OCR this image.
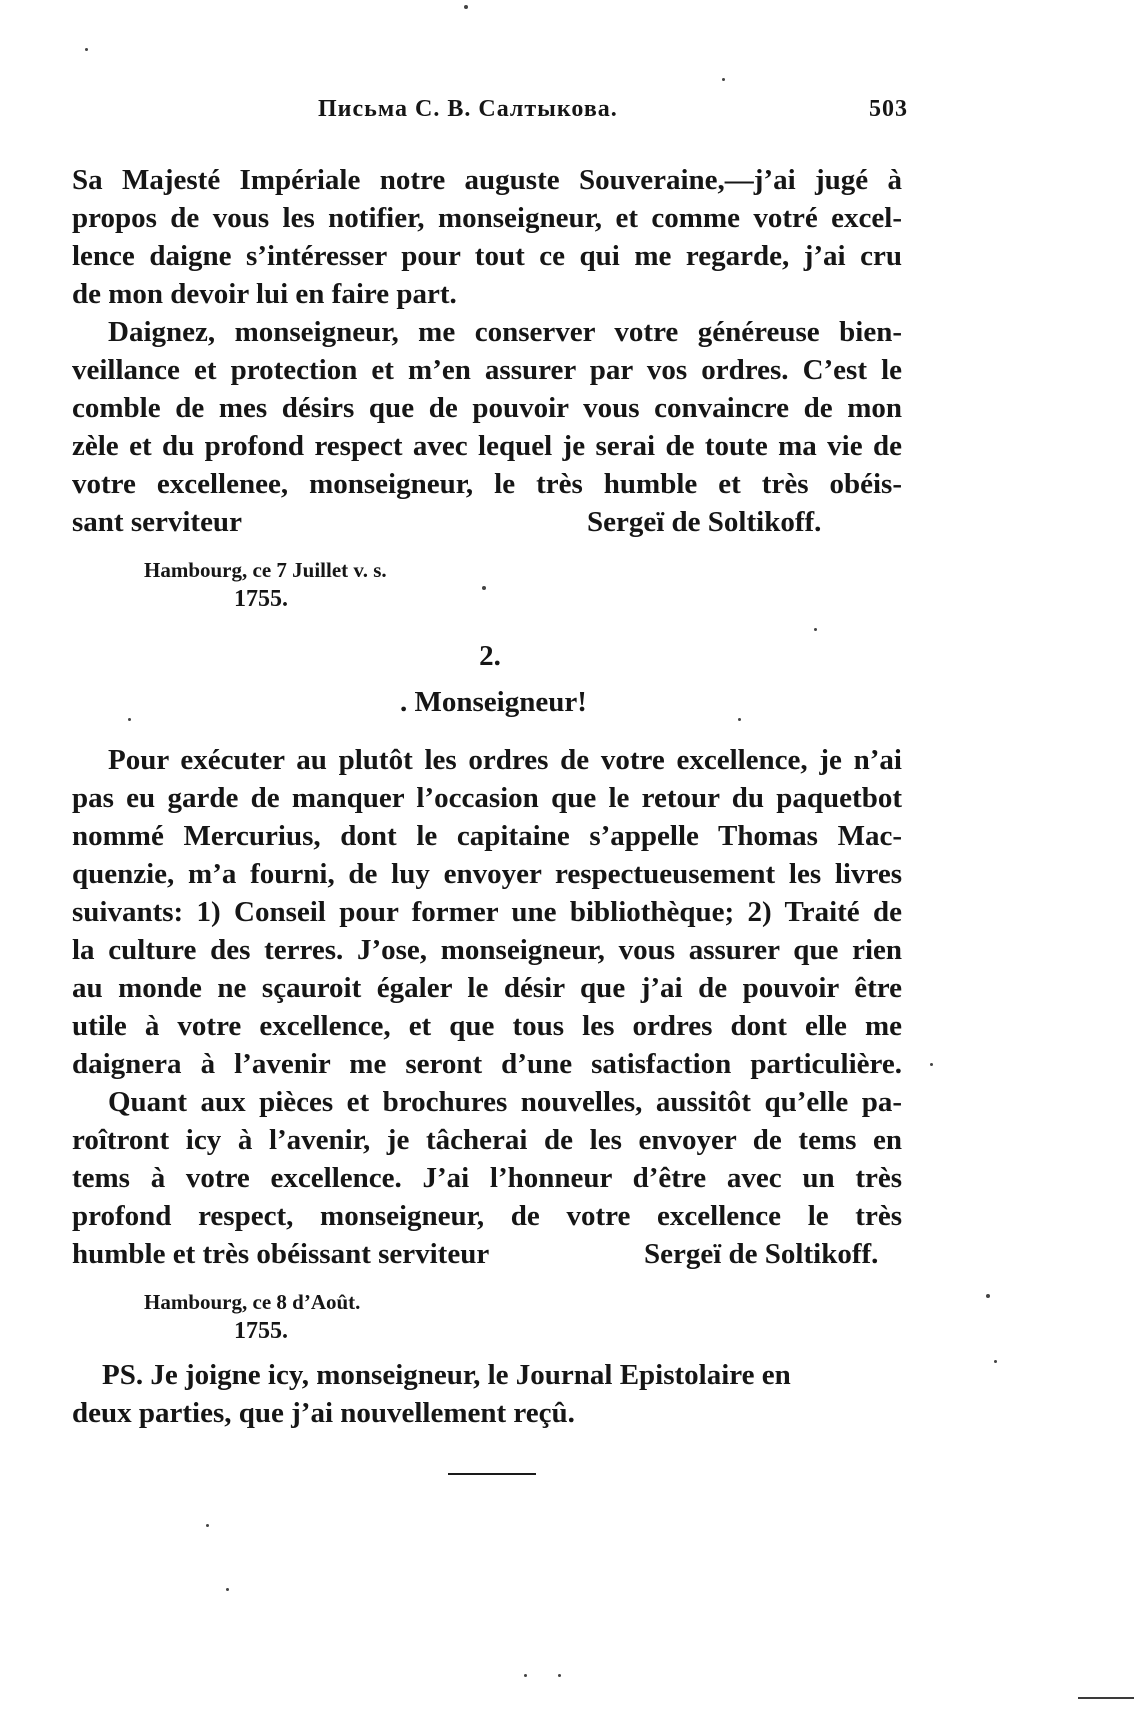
Письма С. В. Салтыкова.	503
Sa Majesté Impériale notre auguste Souveraine,—j’ai jugé à
propos de vous les notifier, monseigneur, et comme votré excel-
lence daigne s’intéresser pour tout ce qui me regarde, j’ai cru
de mon devoir lui en faire part.
Daignez, monseigneur, me conserver votre généreuse bien-
veillance et protection et m’en assurer par vos ordres. C’est le
comble de mes désirs que de pouvoir vous convaincre de mon
zèle et du profond respect avec lequel je serai de toute ma vie de
votre excellenee, monseigneur, le très humble et très obéis-
sant serviteur	Sergeï de Soltikoff.
Hambourg, ce 7 Juillet v. s.
1755.
2.
. Monseigneur!
Pour exécuter au plutôt les ordres de votre excellence, je n’ai
pas eu garde de manquer l’occasion que le retour du paquetbot
nommé Mercurius, dont le capitaine s’appelle Thomas Mac-
quenzie, m’a fourni, de luy envoyer respectueusement les livres
suivants: 1) Conseil pour former une bibliothèque; 2) Traité de
la culture des terres. J’ose, monseigneur, vous assurer que rien
au monde ne sçauroit égaler le désir que j’ai de pouvoir être
utile à votre excellence, et que tous les ordres dont elle me
daignera à l’avenir me seront d’une satisfaction particulière.
Quant aux pièces et brochures nouvelles, aussitôt qu’elle pa-
roîtront icy à l’avenir, je tâcherai de les envoyer de tems en
tems à votre excellence. J’ai l’honneur d’être avec un très
profond respect, monseigneur, de votre excellence le très
humble et très obéissant serviteur	Sergeï de Soltikoff.
Hambourg, ce 8 d’Août.
1755.
PS. Je joigne icy, monseigneur, le Journal Epistolaire en
deux parties, que j’ai nouvellement reçû.
